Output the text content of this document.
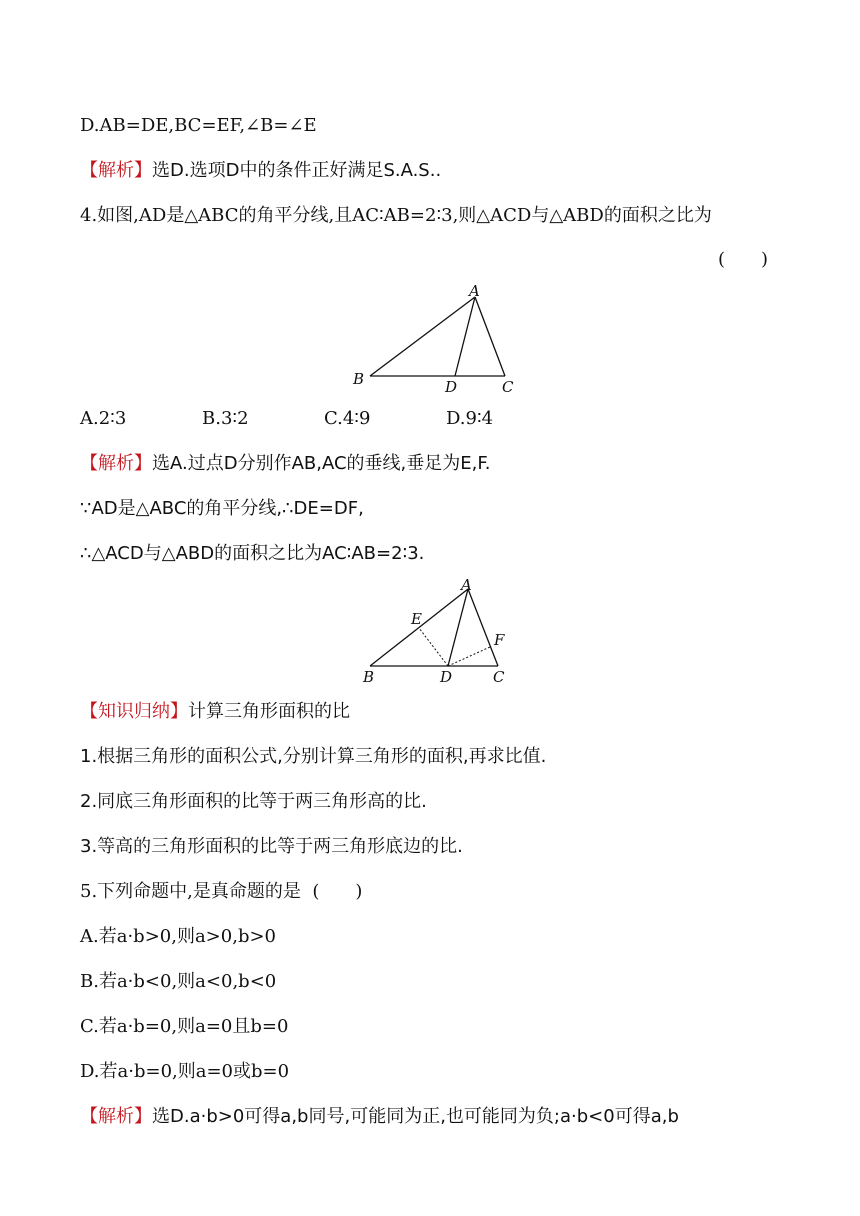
D.AB=DE,BC=EF,∠B=∠E
【解析】选D.选项D中的条件正好满足S.A.S..
4.如图,AD是△ABC的角平分线,且AC∶AB=2∶3,则△ACD与△ABD的面积之比为
(　　)
A
B	C
D
A.2∶3	B.3∶2	C.4∶9	D.9∶4
【解析】选A.过点D分别作AB,AC的垂线,垂足为E,F.
∵AD是△ABC的角平分线,∴DE=DF,
∴△ACD与△ABD的面积之比为AC∶AB=2∶3.
A
B	C
D
E
F
【知识归纳】计算三角形面积的比
1.根据三角形的面积公式,分别计算三角形的面积,再求比值.
2.同底三角形面积的比等于两三角形高的比.
3.等高的三角形面积的比等于两三角形底边的比.
5.下列命题中,是真命题的是 (　　)
A.若a·b>0,则a>0,b>0
B.若a·b<0,则a<0,b<0
C.若a·b=0,则a=0且b=0
D.若a·b=0,则a=0或b=0
【解析】选D.a·b>0可得a,b同号,可能同为正,也可能同为负;a·b<0可得a,b
